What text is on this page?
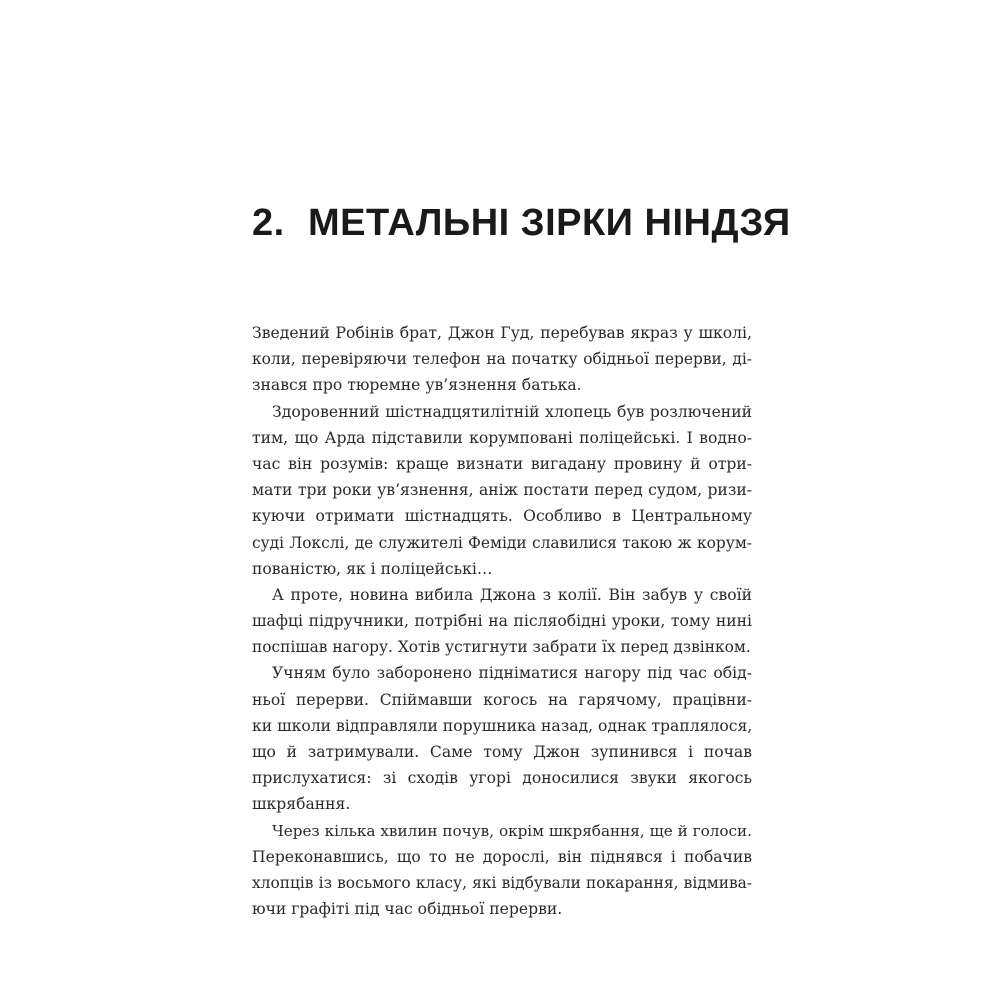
2. МЕТАЛЬНІ ЗІРКИ НІНДЗЯ
Зведений Робінів брат, Джон Гуд, перебував якраз у школі,
коли, перевіряючи телефон на початку обідньої перерви, ді-
знався про тюремне ув’язнення батька.
Здоровенний шістнадцятилітній хлопець був розлючений
тим, що Арда підставили корумповані поліцейські. І водно-
час він розумів: краще визнати вигадану провину й отри-
мати три роки ув’язнення, аніж постати перед судом, ризи-
куючи отримати шістнадцять. Особливо в Центральному
суді Локслі, де служителі Феміди славилися такою ж корум-
пованістю, як і поліцейські…
А проте, новина вибила Джона з колії. Він забув у своїй
шафці підручники, потрібні на післяобідні уроки, тому нині
поспішав нагору. Хотів устигнути забрати їх перед дзвінком.
Учням було заборонено підніматися нагору під час обід-
ньої перерви. Спіймавши когось на гарячому, працівни-
ки школи відправляли порушника назад, однак траплялося,
що й затримували. Саме тому Джон зупинився і почав
прислухатися: зі сходів угорі доносилися звуки якогось
шкрябання.
Через кілька хвилин почув, окрім шкрябання, ще й голоси.
Переконавшись, що то не дорослі, він піднявся і побачив
хлопців із восьмого класу, які відбували покарання, відмива-
ючи графіті під час обідньої перерви.
